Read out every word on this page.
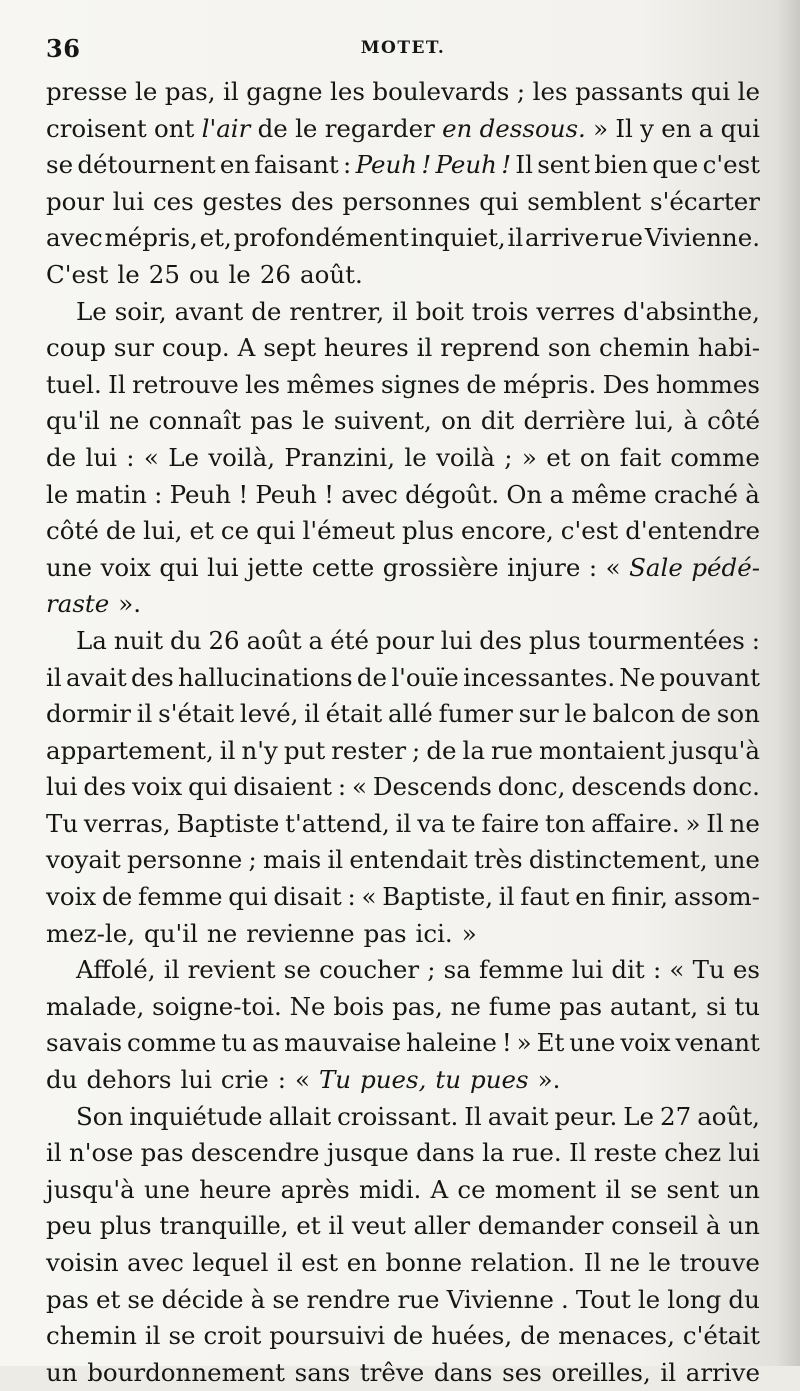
36	MOTET.
presse le pas, il gagne les boulevards ; les passants qui le
croisent ont l'air de le regarder en dessous. » Il y en a qui
se détournent en faisant : Peuh ! Peuh ! Il sent bien que c'est
pour lui ces gestes des personnes qui semblent s'écarter
avec mépris, et, profondément inquiet, il arrive rue Vivienne.
C'est le 25 ou le 26 août.
Le soir, avant de rentrer, il boit trois verres d'absinthe,
coup sur coup. A sept heures il reprend son chemin habi-
tuel. Il retrouve les mêmes signes de mépris. Des hommes
qu'il ne connaît pas le suivent, on dit derrière lui, à côté
de lui : « Le voilà, Pranzini, le voilà ; » et on fait comme
le matin : Peuh ! Peuh ! avec dégoût. On a même craché à
côté de lui, et ce qui l'émeut plus encore, c'est d'entendre
une voix qui lui jette cette grossière injure : « Sale pédé-
raste ».
La nuit du 26 août a été pour lui des plus tourmentées :
il avait des hallucinations de l'ouïe incessantes. Ne pouvant
dormir il s'était levé, il était allé fumer sur le balcon de son
appartement, il n'y put rester ; de la rue montaient jusqu'à
lui des voix qui disaient : « Descends donc, descends donc.
Tu verras, Baptiste t'attend, il va te faire ton affaire. » Il ne
voyait personne ; mais il entendait très distinctement, une
voix de femme qui disait : « Baptiste, il faut en finir, assom-
mez-le, qu'il ne revienne pas ici. »
Affolé, il revient se coucher ; sa femme lui dit : « Tu es
malade, soigne-toi. Ne bois pas, ne fume pas autant, si tu
savais comme tu as mauvaise haleine ! » Et une voix venant
du dehors lui crie : « Tu pues, tu pues ».
Son inquiétude allait croissant. Il avait peur. Le 27 août,
il n'ose pas descendre jusque dans la rue. Il reste chez lui
jusqu'à une heure après midi. A ce moment il se sent un
peu plus tranquille, et il veut aller demander conseil à un
voisin avec lequel il est en bonne relation. Il ne le trouve
pas et se décide à se rendre rue Vivienne . Tout le long du
chemin il se croit poursuivi de huées, de menaces, c'était
un bourdonnement sans trêve dans ses oreilles, il arrive
